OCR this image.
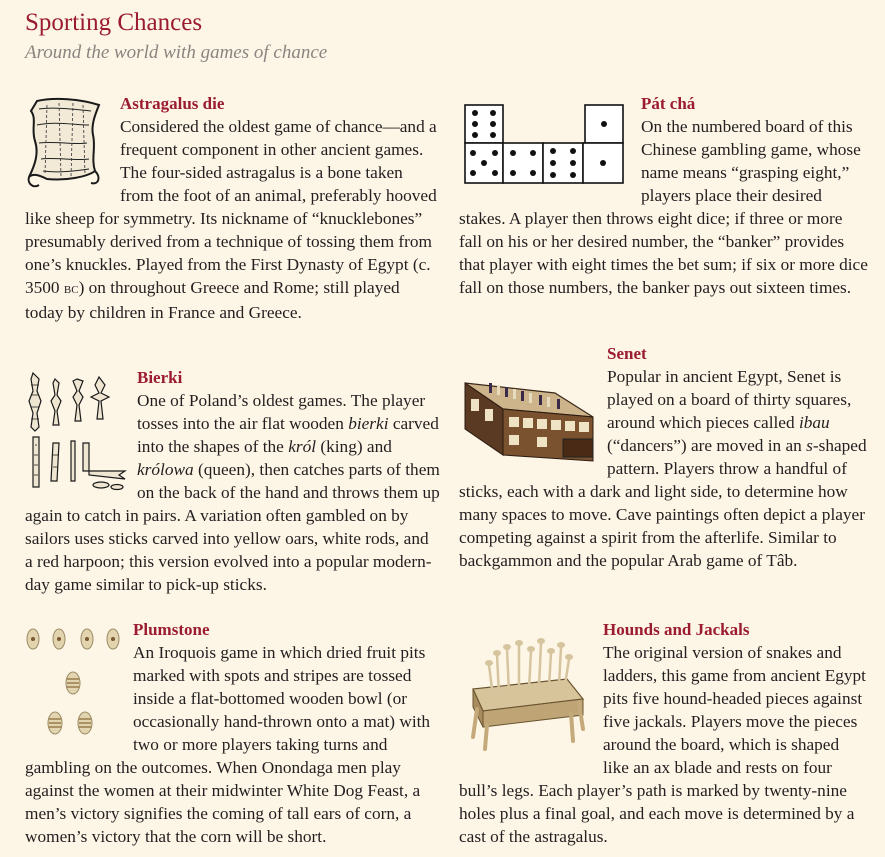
Sporting Chances
Around the world with games of chance
Astragalus die

Considered the oldest game of chance—and a frequent component in other ancient games. The four-sided astragalus is a bone taken from the foot of an animal, preferably hooved like sheep for symmetry. Its nickname of “knucklebones” presumably derived from a technique of tossing them from one’s knuckles. Played from the First Dynasty of Egypt (c. 3500 bc) on throughout Greece and Rome; still played today by children in France and Greece.

Pát chá

On the numbered board of this Chinese gambling game, whose name means “grasping eight,” players place their desired stakes. A player then throws eight dice; if three or more fall on his or her desired number, the “banker” provides that player with eight times the bet sum; if six or more dice fall on those numbers, the banker pays out sixteen times.

Bierki

One of Poland’s oldest games. The player tosses into the air flat wooden bierki carved into the shapes of the król (king) and królowa (queen), then catches parts of them on the back of the hand and throws them up again to catch in pairs. A variation often gambled on by sailors uses sticks carved into yellow oars, white rods, and a red harpoon; this version evolved into a popular modern-day game similar to pick-up sticks.

Senet

Popular in ancient Egypt, Senet is played on a board of thirty squares, around which pieces called ibau (“dancers”) are moved in an s-shaped pattern. Players throw a handful of sticks, each with a dark and light side, to determine how many spaces to move. Cave paintings often depict a player competing against a spirit from the afterlife. Similar to backgammon and the popular Arab game of Tâb.

Plumstone

An Iroquois game in which dried fruit pits marked with spots and stripes are tossed inside a flat-bottomed wooden bowl (or occasionally hand-thrown onto a mat) with two or more players taking turns and gambling on the outcomes. When Onondaga men play against the women at their midwinter White Dog Feast, a men’s victory signifies the coming of tall ears of corn, a women’s victory that the corn will be short.

Hounds and Jackals

The original version of snakes and ladders, this game from ancient Egypt pits five hound-headed pieces against five jackals. Players move the pieces around the board, which is shaped like an ax blade and rests on four bull’s legs. Each player’s path is marked by twenty-nine holes plus a final goal, and each move is determined by a cast of the astragalus.
